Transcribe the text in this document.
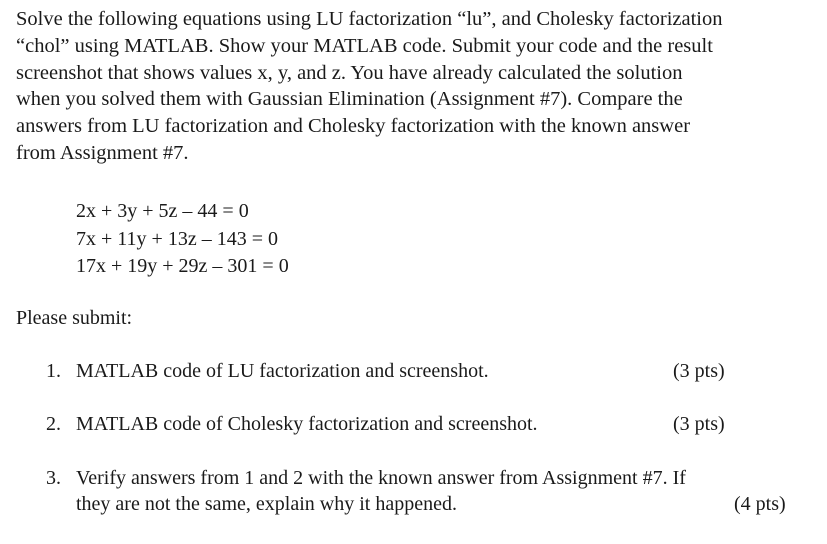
Solve the following equations using LU factorization “lu”, and Cholesky factorization
“chol” using MATLAB. Show your MATLAB code. Submit your code and the result
screenshot that shows values x, y, and z. You have already calculated the solution
when you solved them with Gaussian Elimination (Assignment #7). Compare the
answers from LU factorization and Cholesky factorization with the known answer
from Assignment #7.
2x + 3y + 5z – 44 = 0
7x + 11y + 13z – 143 = 0
17x + 19y + 29z – 301 = 0
Please submit:
1. MATLAB code of LU factorization and screenshot.	(3 pts)
2. MATLAB code of Cholesky factorization and screenshot.	(3 pts)
3. Verify answers from 1 and 2 with the known answer from Assignment #7. If
they are not the same, explain why it happened.	(4 pts)
